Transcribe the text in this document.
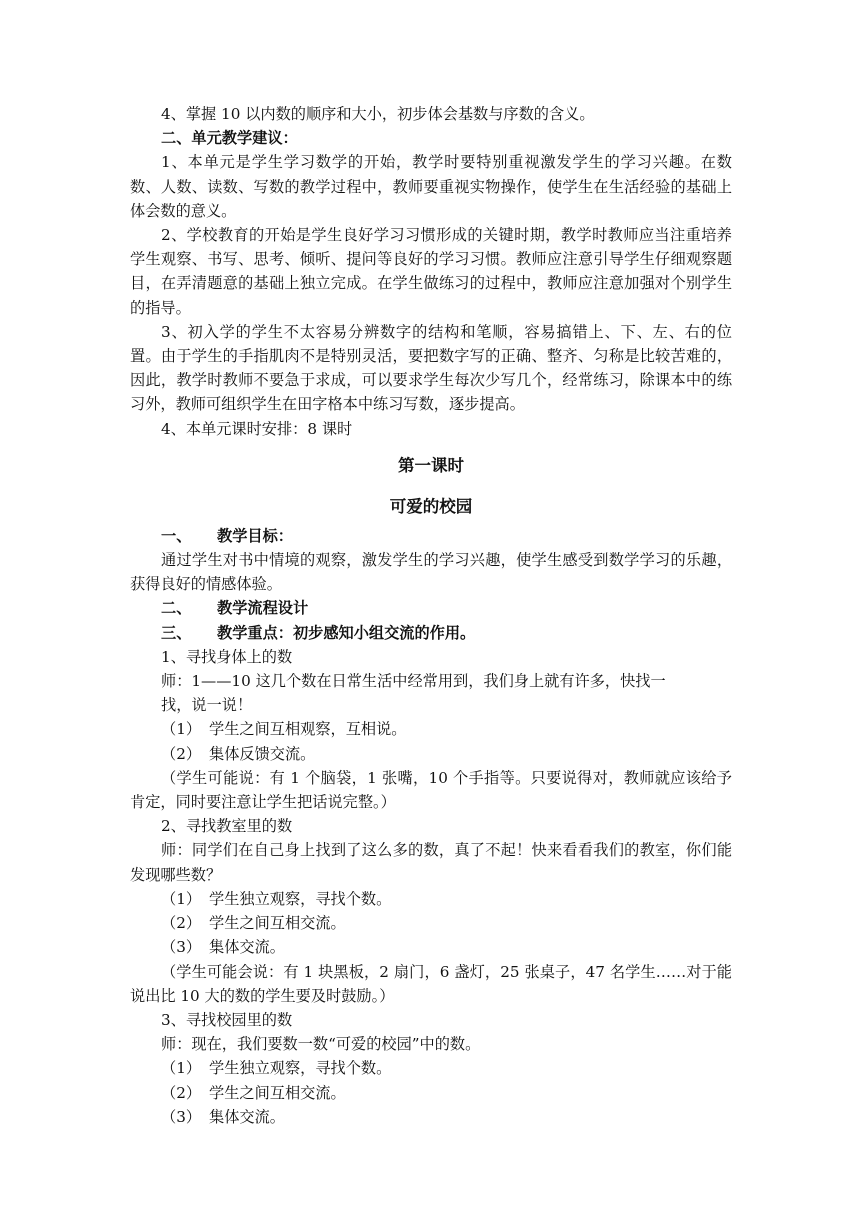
4、掌握 10 以内数的顺序和大小，初步体会基数与序数的含义。

二、单元教学建议：

1、本单元是学生学习数学的开始，教学时要特别重视激发学生的学习兴趣。在数数、人数、读数、写数的教学过程中，教师要重视实物操作，使学生在生活经验的基础上体会数的意义。

2、学校教育的开始是学生良好学习习惯形成的关键时期，教学时教师应当注重培养学生观察、书写、思考、倾听、提问等良好的学习习惯。教师应注意引导学生仔细观察题目，在弄清题意的基础上独立完成。在学生做练习的过程中，教师应注意加强对个别学生的指导。

3、初入学的学生不太容易分辨数字的结构和笔顺，容易搞错上、下、左、右的位置。由于学生的手指肌肉不是特别灵活，要把数字写的正确、整齐、匀称是比较苦难的，因此，教学时教师不要急于求成，可以要求学生每次少写几个，经常练习，除课本中的练习外，教师可组织学生在田字格本中练习写数，逐步提高。

4、本单元课时安排：8 课时

第一课时
可爱的校园
一、	教学目标：

通过学生对书中情境的观察，激发学生的学习兴趣，使学生感受到数学学习的乐趣，获得良好的情感体验。

二、	教学流程设计
三、	教学重点：初步感知小组交流的作用。

1、寻找身体上的数

师：1——10 这几个数在日常生活中经常用到，我们身上就有许多，快找一
找，说一说！

（1） 学生之间互相观察，互相说。
（2） 集体反馈交流。

（学生可能说：有 1 个脑袋，1 张嘴，10 个手指等。只要说得对，教师就应该给予肯定，同时要注意让学生把话说完整。）

2、寻找教室里的数

师：同学们在自己身上找到了这么多的数，真了不起！快来看看我们的教室，你们能发现哪些数？

（1） 学生独立观察，寻找个数。
（2） 学生之间互相交流。
（3） 集体交流。

（学生可能会说：有 1 块黑板，2 扇门，6 盏灯，25 张桌子，47 名学生……对于能说出比 10 大的数的学生要及时鼓励。）

3、寻找校园里的数

师：现在，我们要数一数“可爱的校园”中的数。

（1） 学生独立观察，寻找个数。
（2） 学生之间互相交流。
（3） 集体交流。
